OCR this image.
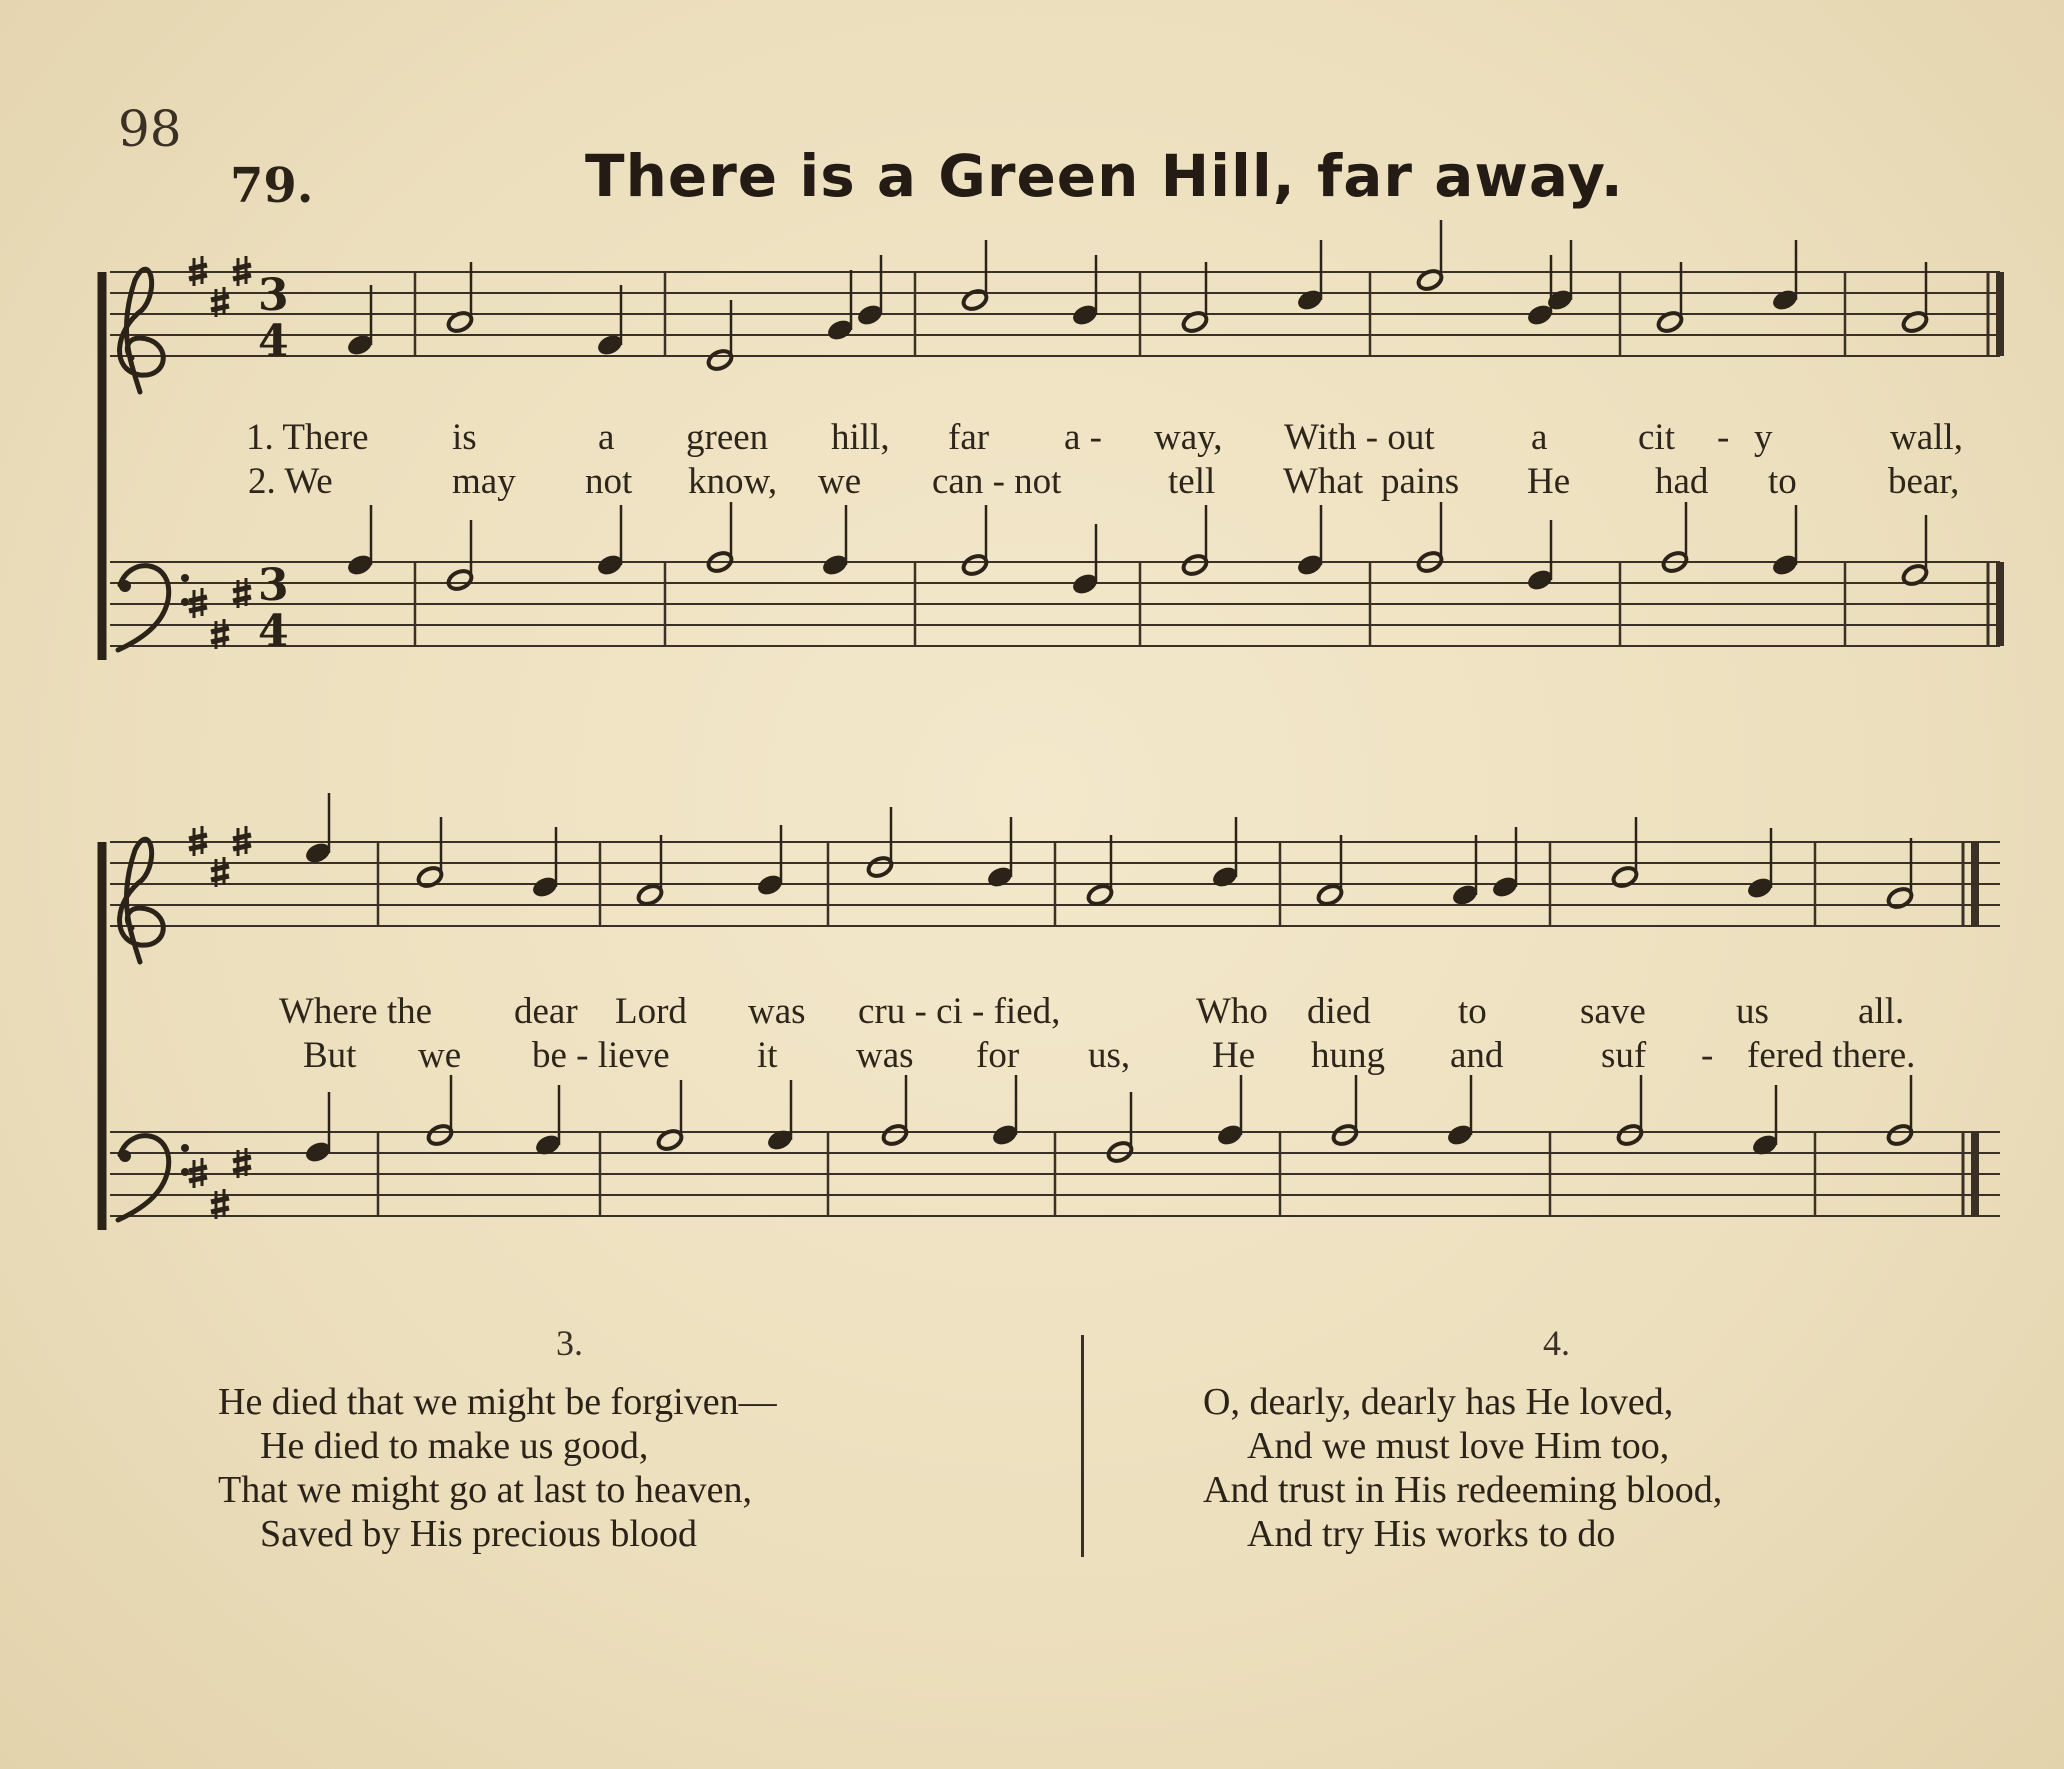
98
79.	There is a Green Hill, far away.
3
4
3
4
1. There is	a green hill, far a - way, With - out	a cit - y	wall,
2. We	may not know, we can - not	tell What pains He had to bear,
Where the dear Lord was cru - ci - fied,	Who died to	save us all.
But we be - lieve it was for us, He hung and	suf - fered there.
3.
He died that we might be forgiven—
He died to make us good,
That we might go at last to heaven,
Saved by His precious blood
4.
O, dearly, dearly has He loved,
And we must love Him too,
And trust in His redeeming blood,
And try His works to do
